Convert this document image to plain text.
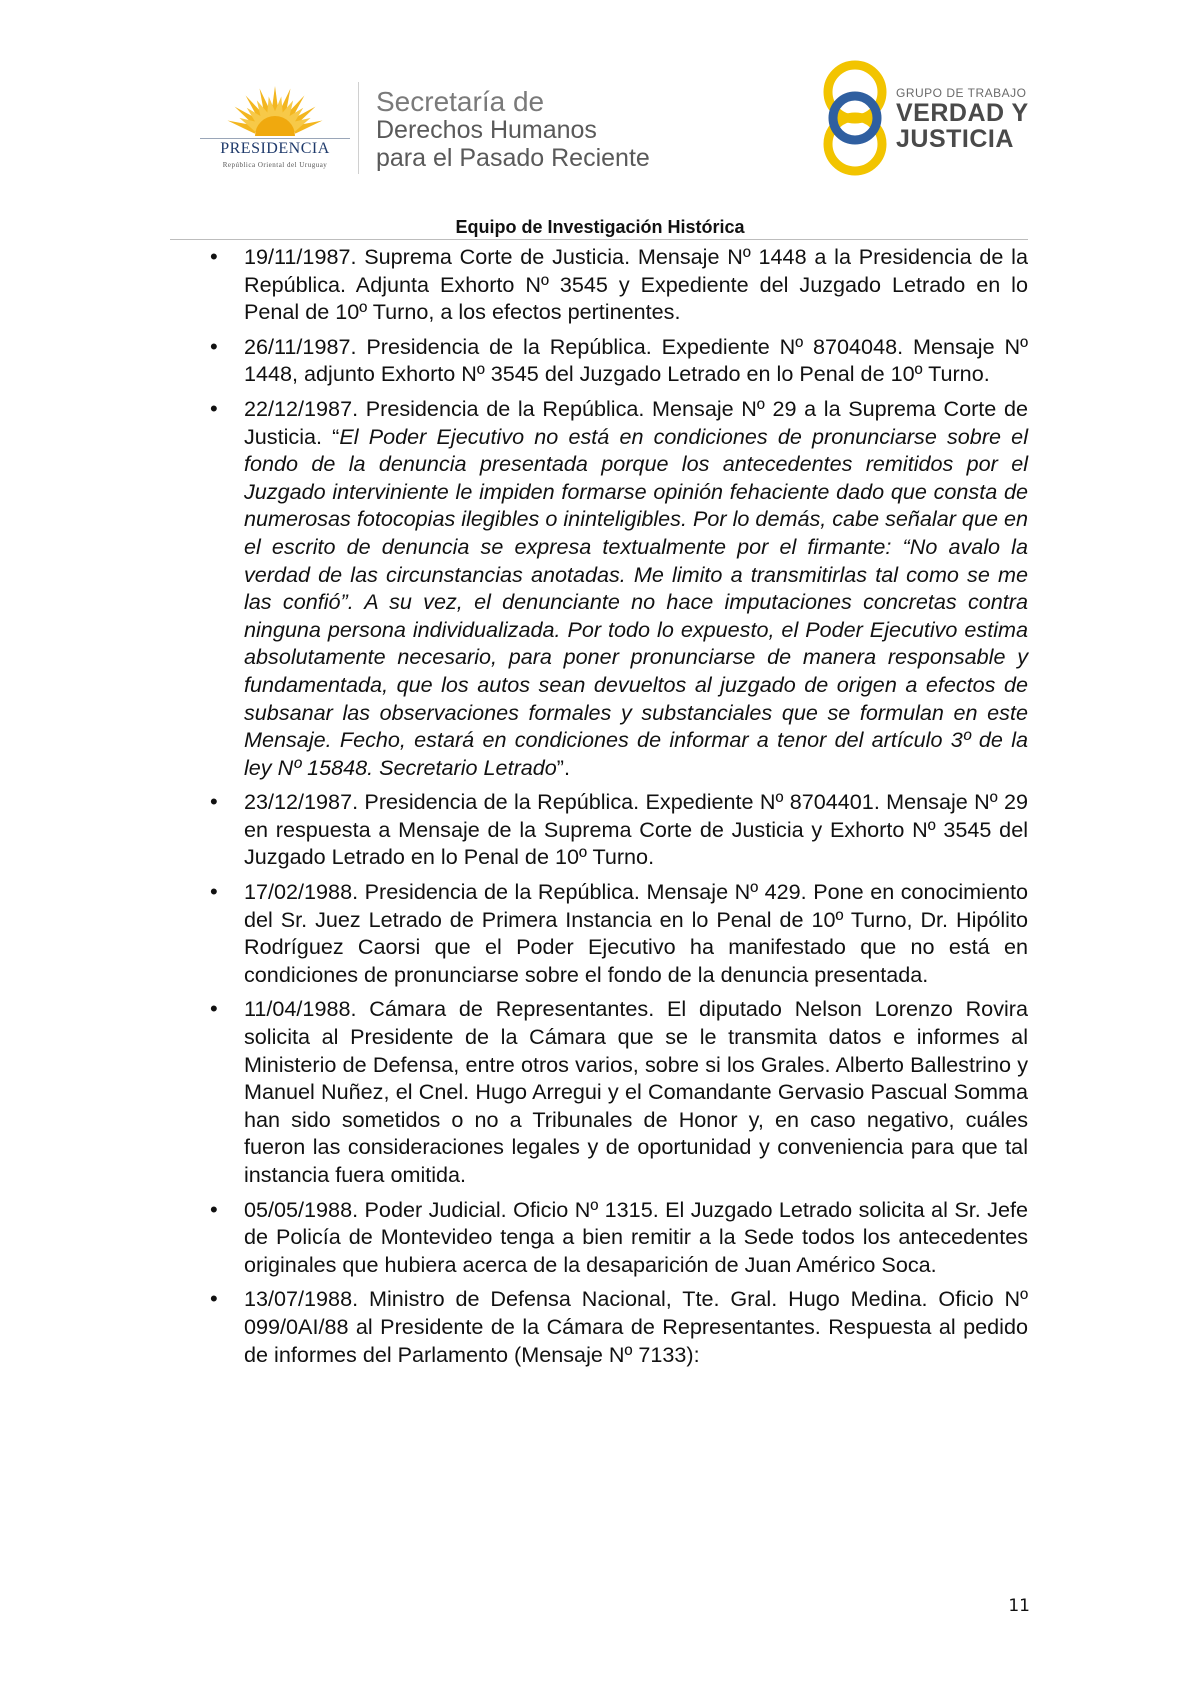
PRESIDENCIA
República Oriental del Uruguay
Secretaría de
Derechos Humanos
para el Pasado Reciente
GRUPO DE TRABAJO
VERDAD Y
JUSTICIA
Equipo de Investigación Histórica
•	19/11/1987. Suprema Corte de Justicia. Mensaje Nº 1448 a la Presidencia de la República. Adjunta Exhorto Nº 3545 y Expediente del Juzgado Letrado en lo Penal de 10º Turno, a los efectos pertinentes.
•	26/11/1987. Presidencia de la República. Expediente Nº 8704048. Mensaje Nº 1448, adjunto Exhorto Nº 3545 del Juzgado Letrado en lo Penal de 10º Turno.
•	22/12/1987. Presidencia de la República. Mensaje Nº 29 a la Suprema Corte de Justicia. “El Poder Ejecutivo no está en condiciones de pronunciarse sobre el fondo de la denuncia presentada porque los antecedentes remitidos por el Juzgado interviniente le impiden formarse opinión fehaciente dado que consta de numerosas fotocopias ilegibles o ininteligibles. Por lo demás, cabe señalar que en el escrito de denuncia se expresa textualmente por el firmante: “No avalo la verdad de las circunstancias anotadas. Me limito a transmitirlas tal como se me las confió”. A su vez, el denunciante no hace imputaciones concretas contra ninguna persona individualizada. Por todo lo expuesto, el Poder Ejecutivo estima absolutamente necesario, para poner pronunciarse de manera responsable y fundamentada, que los autos sean devueltos al juzgado de origen a efectos de subsanar las observaciones formales y substanciales que se formulan en este Mensaje. Fecho, estará en condiciones de informar a tenor del artículo 3º de la ley Nº 15848. Secretario Letrado”.
•	23/12/1987. Presidencia de la República. Expediente Nº 8704401. Mensaje Nº 29 en respuesta a Mensaje de la Suprema Corte de Justicia y Exhorto Nº 3545 del Juzgado Letrado en lo Penal de 10º Turno.
•	17/02/1988. Presidencia de la República. Mensaje Nº 429. Pone en conocimiento del Sr. Juez Letrado de Primera Instancia en lo Penal de 10º Turno, Dr. Hipólito Rodríguez Caorsi que el Poder Ejecutivo ha manifestado que no está en condiciones de pronunciarse sobre el fondo de la denuncia presentada.
•	11/04/1988. Cámara de Representantes. El diputado Nelson Lorenzo Rovira solicita al Presidente de la Cámara que se le transmita datos e informes al Ministerio de Defensa, entre otros varios, sobre si los Grales. Alberto Ballestrino y Manuel Nuñez, el Cnel. Hugo Arregui y el Comandante Gervasio Pascual Somma han sido sometidos o no a Tribunales de Honor y, en caso negativo, cuáles fueron las consideraciones legales y de oportunidad y conveniencia para que tal instancia fuera omitida.
•	05/05/1988. Poder Judicial. Oficio Nº 1315. El Juzgado Letrado solicita al Sr. Jefe de Policía de Montevideo tenga a bien remitir a la Sede todos los antecedentes originales que hubiera acerca de la desaparición de Juan Américo Soca.
•	13/07/1988. Ministro de Defensa Nacional, Tte. Gral. Hugo Medina. Oficio Nº 099/0AI/88 al Presidente de la Cámara de Representantes. Respuesta al pedido de informes del Parlamento (Mensaje Nº 7133):
11
